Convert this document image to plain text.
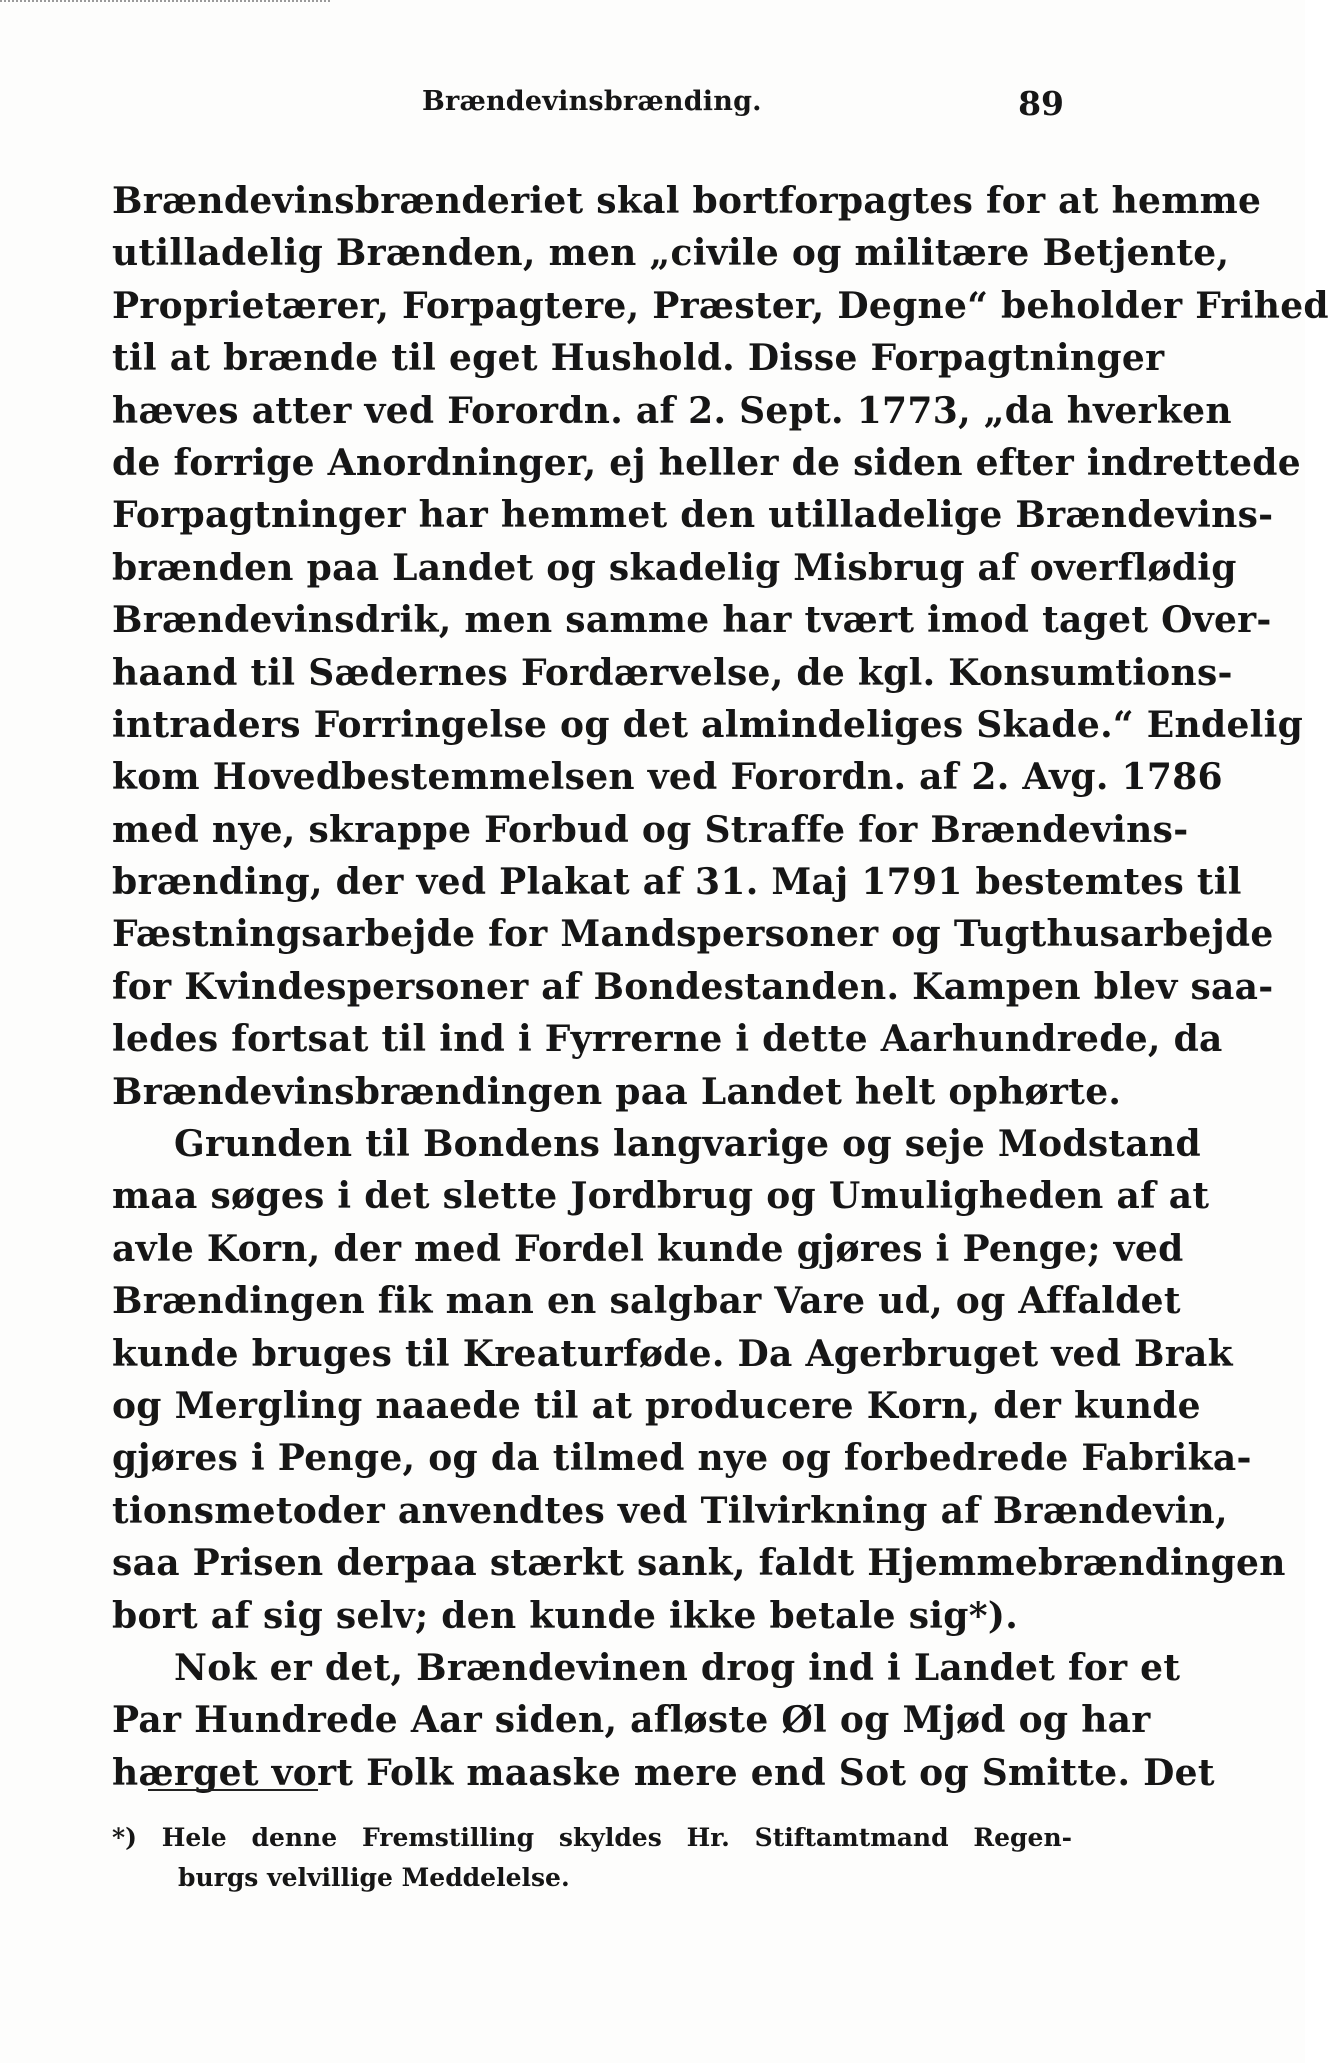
Brændevinsbrænding.	89

Brændevinsbrænderiet skal bortforpagtes for at hemme
utilladelig Brænden, men „civile og militære Betjente,
Proprietærer, Forpagtere, Præster, Degne“ beholder Frihed
til at brænde til eget Hushold. Disse Forpagtninger
hæves atter ved Forordn. af 2. Sept. 1773, „da hverken
de forrige Anordninger, ej heller de siden efter indrettede
Forpagtninger har hemmet den utilladelige Brændevins-
brænden paa Landet og skadelig Misbrug af overflødig
Brændevinsdrik, men samme har tvært imod taget Over-
haand til Sædernes Fordærvelse, de kgl. Konsumtions-
intraders Forringelse og det almindeliges Skade.“ Endelig
kom Hovedbestemmelsen ved Forordn. af 2. Avg. 1786
med nye, skrappe Forbud og Straffe for Brændevins-
brænding, der ved Plakat af 31. Maj 1791 bestemtes til
Fæstningsarbejde for Mandspersoner og Tugthusarbejde
for Kvindespersoner af Bondestanden. Kampen blev saa-
ledes fortsat til ind i Fyrrerne i dette Aarhundrede, da
Brændevinsbrændingen paa Landet helt ophørte.

Grunden til Bondens langvarige og seje Modstand
maa søges i det slette Jordbrug og Umuligheden af at
avle Korn, der med Fordel kunde gjøres i Penge; ved
Brændingen fik man en salgbar Vare ud, og Affaldet
kunde bruges til Kreaturføde. Da Agerbruget ved Brak
og Mergling naaede til at producere Korn, der kunde
gjøres i Penge, og da tilmed nye og forbedrede Fabrika-
tionsmetoder anvendtes ved Tilvirkning af Brændevin,
saa Prisen derpaa stærkt sank, faldt Hjemmebrændingen
bort af sig selv; den kunde ikke betale sig*).

Nok er det, Brændevinen drog ind i Landet for et
Par Hundrede Aar siden, afløste Øl og Mjød og har
hærget vort Folk maaske mere end Sot og Smitte. Det

*) Hele denne Fremstilling skyldes Hr. Stiftamtmand Regen-
burgs velvillige Meddelelse.
